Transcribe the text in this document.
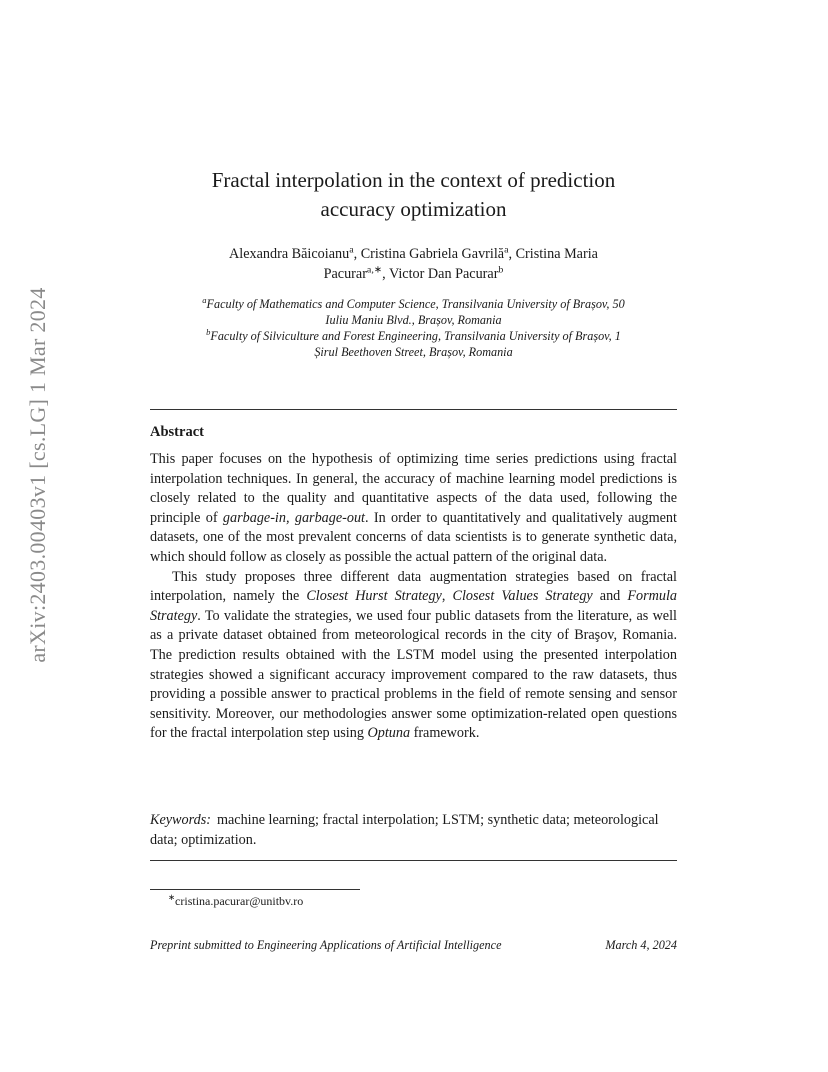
arXiv:2403.00403v1 [cs.LG] 1 Mar 2024
Fractal interpolation in the context of prediction
accuracy optimization
Alexandra Băicoianu$^a$, Cristina Gabriela Gavrilă$^a$, Cristina Maria
Pacurar$^{a,∗}$, Victor Dan Pacurar$^b$
$^a$Faculty of Mathematics and Computer Science, Transilvania University of Brașov, 50
Iuliu Maniu Blvd., Brașov, Romania
$^b$Faculty of Silviculture and Forest Engineering, Transilvania University of Brașov, 1
Șirul Beethoven Street, Brașov, Romania
Abstract

This paper focuses on the hypothesis of optimizing time series predictions using fractal interpolation techniques. In general, the accuracy of machine learning model predictions is closely related to the quality and quantitative aspects of the data used, following the principle of garbage-in, garbage-out. In order to quantitatively and qualitatively augment datasets, one of the most prevalent concerns of data scientists is to generate synthetic data, which should follow as closely as possible the actual pattern of the original data.

This study proposes three different data augmentation strategies based on fractal interpolation, namely the Closest Hurst Strategy, Closest Values Strategy and Formula Strategy. To validate the strategies, we used four public datasets from the literature, as well as a private dataset obtained from meteorological records in the city of Braşov, Romania. The prediction results obtained with the LSTM model using the presented interpolation strategies showed a significant accuracy improvement compared to the raw datasets, thus providing a possible answer to practical problems in the field of remote sensing and sensor sensitivity. Moreover, our methodologies answer some optimization-related open questions for the fractal interpolation step using Optuna framework.

Keywords: machine learning; fractal interpolation; LSTM; synthetic data; meteorological data; optimization.
∗cristina.pacurar@unitbv.ro
Preprint submitted to Engineering Applications of Artificial Intelligence	March 4, 2024
